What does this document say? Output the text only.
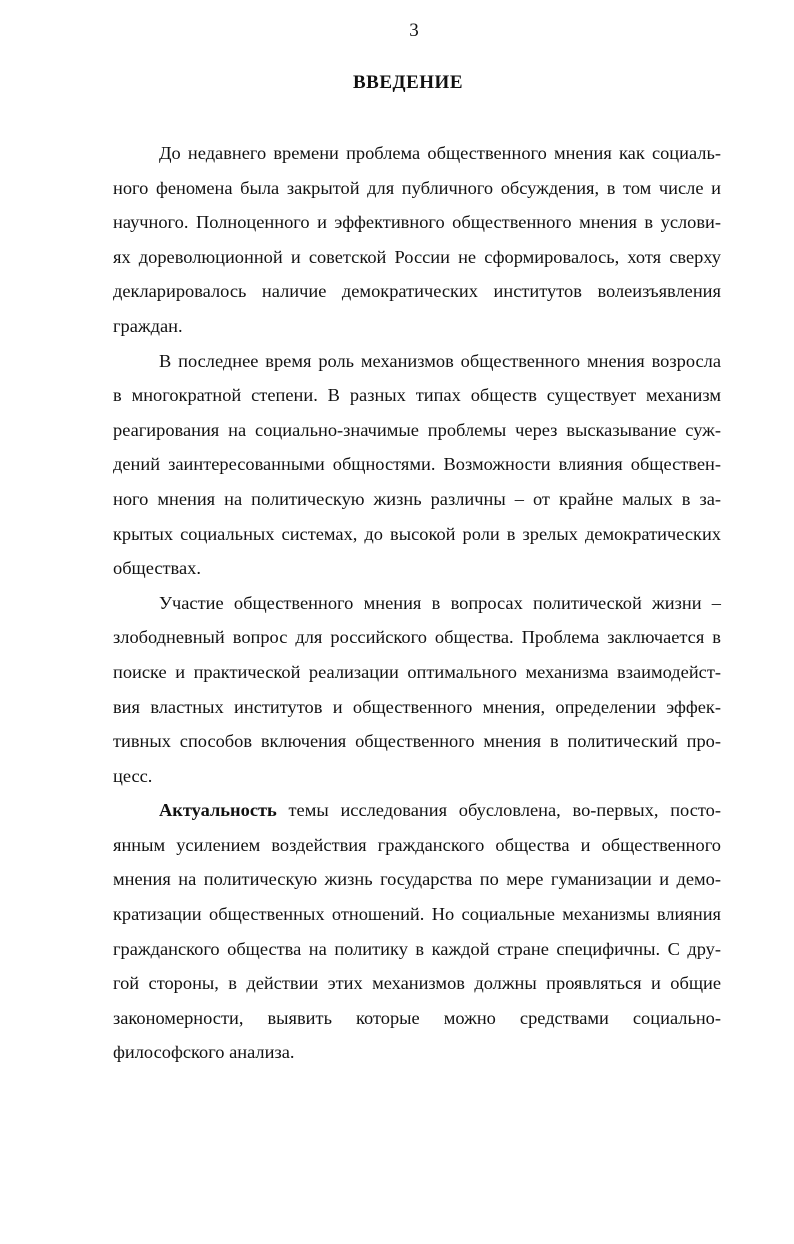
3
ВВЕДЕНИЕ

До недавнего времени проблема общественного мнения как социаль-
ного феномена была закрытой для публичного обсуждения, в том числе и
научного. Полноценного и эффективного общественного мнения в услови-
ях дореволюционной и советской России не сформировалось, хотя сверху
декларировалось наличие демократических институтов волеизъявления
граждан.

В последнее время роль механизмов общественного мнения возросла
в многократной степени. В разных типах обществ существует механизм
реагирования на социально-значимые проблемы через высказывание суж-
дений заинтересованными общностями. Возможности влияния обществен-
ного мнения на политическую жизнь различны – от крайне малых в за-
крытых социальных системах, до высокой роли в зрелых демократических
обществах.

Участие общественного мнения в вопросах политической жизни –
злободневный вопрос для российского общества. Проблема заключается в
поиске и практической реализации оптимального механизма взаимодейст-
вия властных институтов и общественного мнения, определении эффек-
тивных способов включения общественного мнения в политический про-
цесс.

Актуальность темы исследования обусловлена, во-первых, посто-
янным усилением воздействия гражданского общества и общественного
мнения на политическую жизнь государства по мере гуманизации и демо-
кратизации общественных отношений. Но социальные механизмы влияния
гражданского общества на политику в каждой стране специфичны. С дру-
гой стороны, в действии этих механизмов должны проявляться и общие
закономерности, выявить которые можно средствами социально-
философского анализа.
